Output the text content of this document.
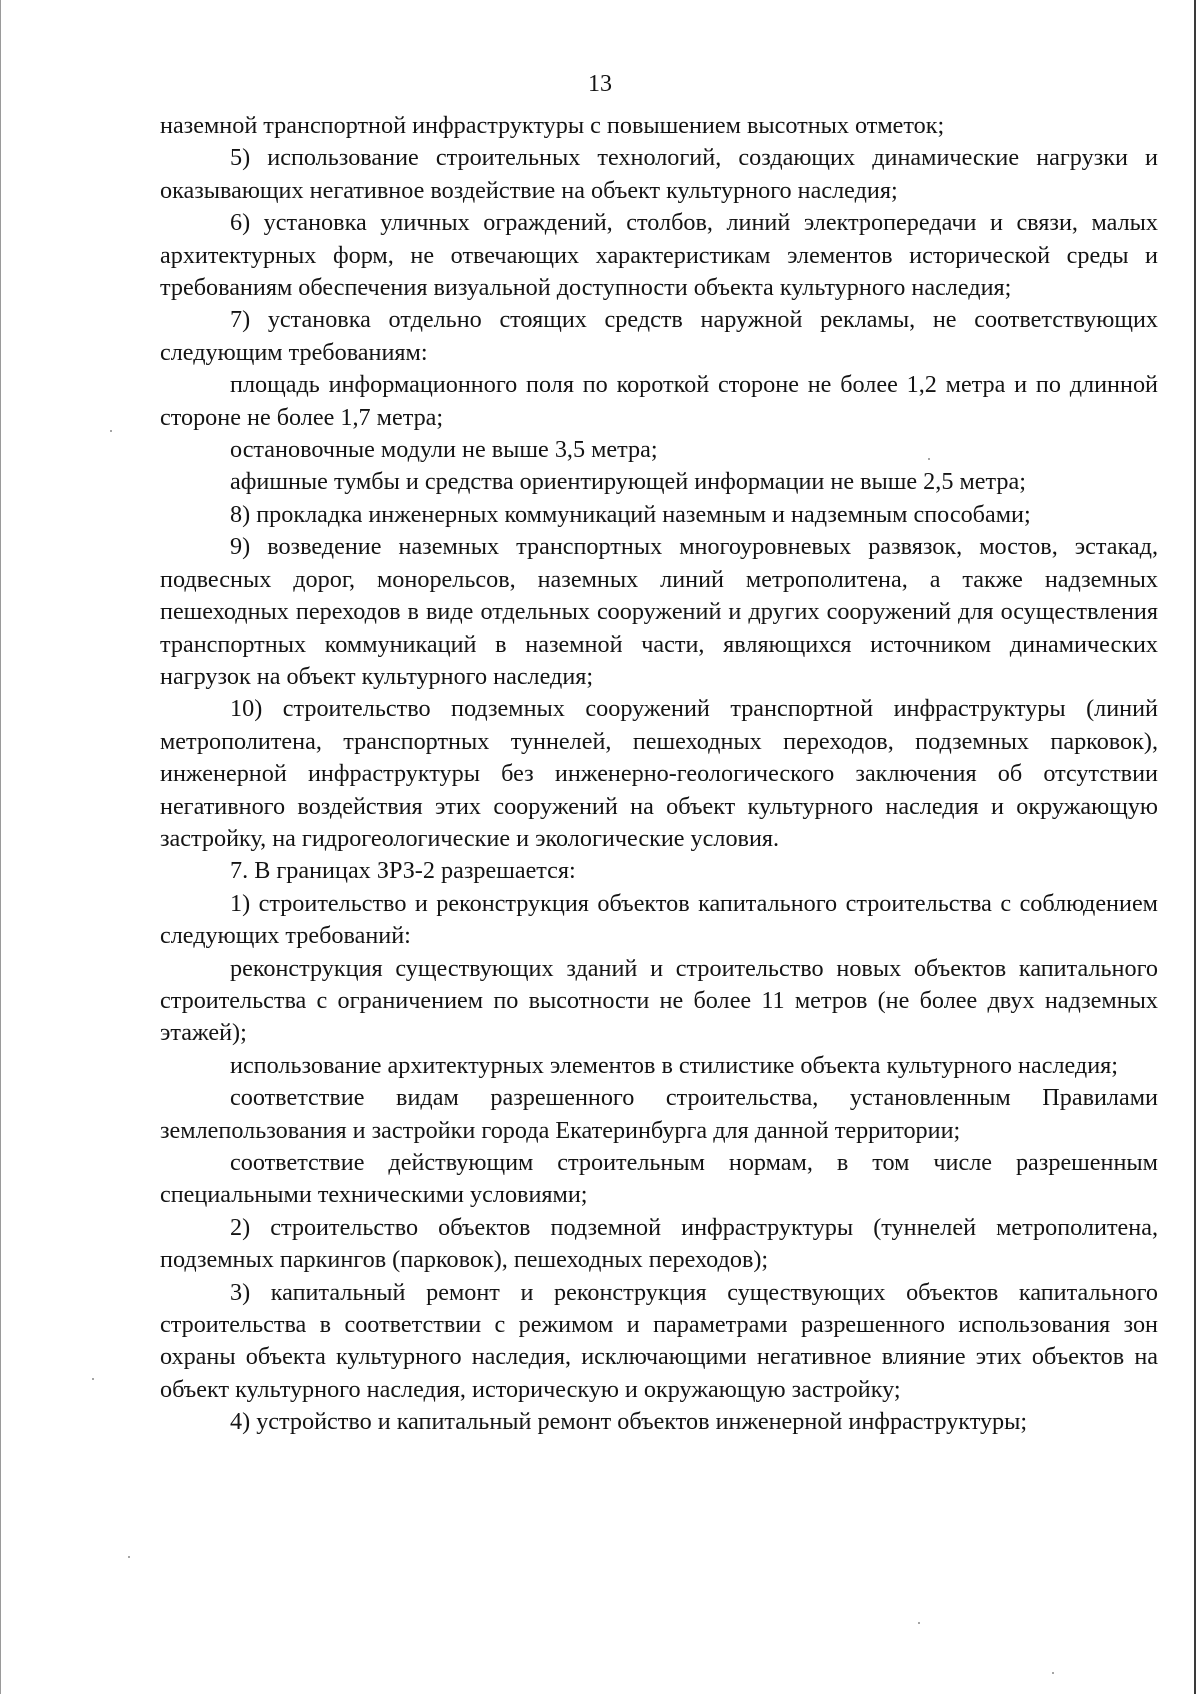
13

наземной транспортной инфраструктуры с повышением высотных отметок;

5) использование строительных технологий, создающих динамические нагрузки и оказывающих негативное воздействие на объект культурного наследия;

6) установка уличных ограждений, столбов, линий электропередачи и связи, малых архитектурных форм, не отвечающих характеристикам элементов исторической среды и требованиям обеспечения визуальной доступности объекта культурного наследия;

7) установка отдельно стоящих средств наружной рекламы, не соответствующих следующим требованиям:

площадь информационного поля по короткой стороне не более 1,2 метра и по длинной стороне не более 1,7 метра;

остановочные модули не выше 3,5 метра;

афишные тумбы и средства ориентирующей информации не выше 2,5 метра;

8) прокладка инженерных коммуникаций наземным и надземным способами;

9) возведение наземных транспортных многоуровневых развязок, мостов, эстакад, подвесных дорог, монорельсов, наземных линий метрополитена, а также надземных пешеходных переходов в виде отдельных сооружений и других сооружений для осуществления транспортных коммуникаций в наземной части, являющихся источником динамических нагрузок на объект культурного наследия;

10) строительство подземных сооружений транспортной инфраструктуры (линий метрополитена, транспортных туннелей, пешеходных переходов, подземных парковок), инженерной инфраструктуры без инженерно-геологического заключения об отсутствии негативного воздействия этих сооружений на объект культурного наследия и окружающую застройку, на гидрогеологические и экологические условия.

7. В границах ЗРЗ-2 разрешается:

1) строительство и реконструкция объектов капитального строительства с соблюдением следующих требований:

реконструкция существующих зданий и строительство новых объектов капитального строительства с ограничением по высотности не более 11 метров (не более двух надземных этажей);

использование архитектурных элементов в стилистике объекта культурного наследия;

соответствие видам разрешенного строительства, установленным Правилами землепользования и застройки города Екатеринбурга для данной территории;

соответствие действующим строительным нормам, в том числе разрешенным специальными техническими условиями;

2) строительство объектов подземной инфраструктуры (туннелей метрополитена, подземных паркингов (парковок), пешеходных переходов);

3) капитальный ремонт и реконструкция существующих объектов капитального строительства в соответствии с режимом и параметрами разрешенного использования зон охраны объекта культурного наследия, исключающими негативное влияние этих объектов на объект культурного наследия, историческую и окружающую застройку;

4) устройство и капитальный ремонт объектов инженерной инфраструктуры;
